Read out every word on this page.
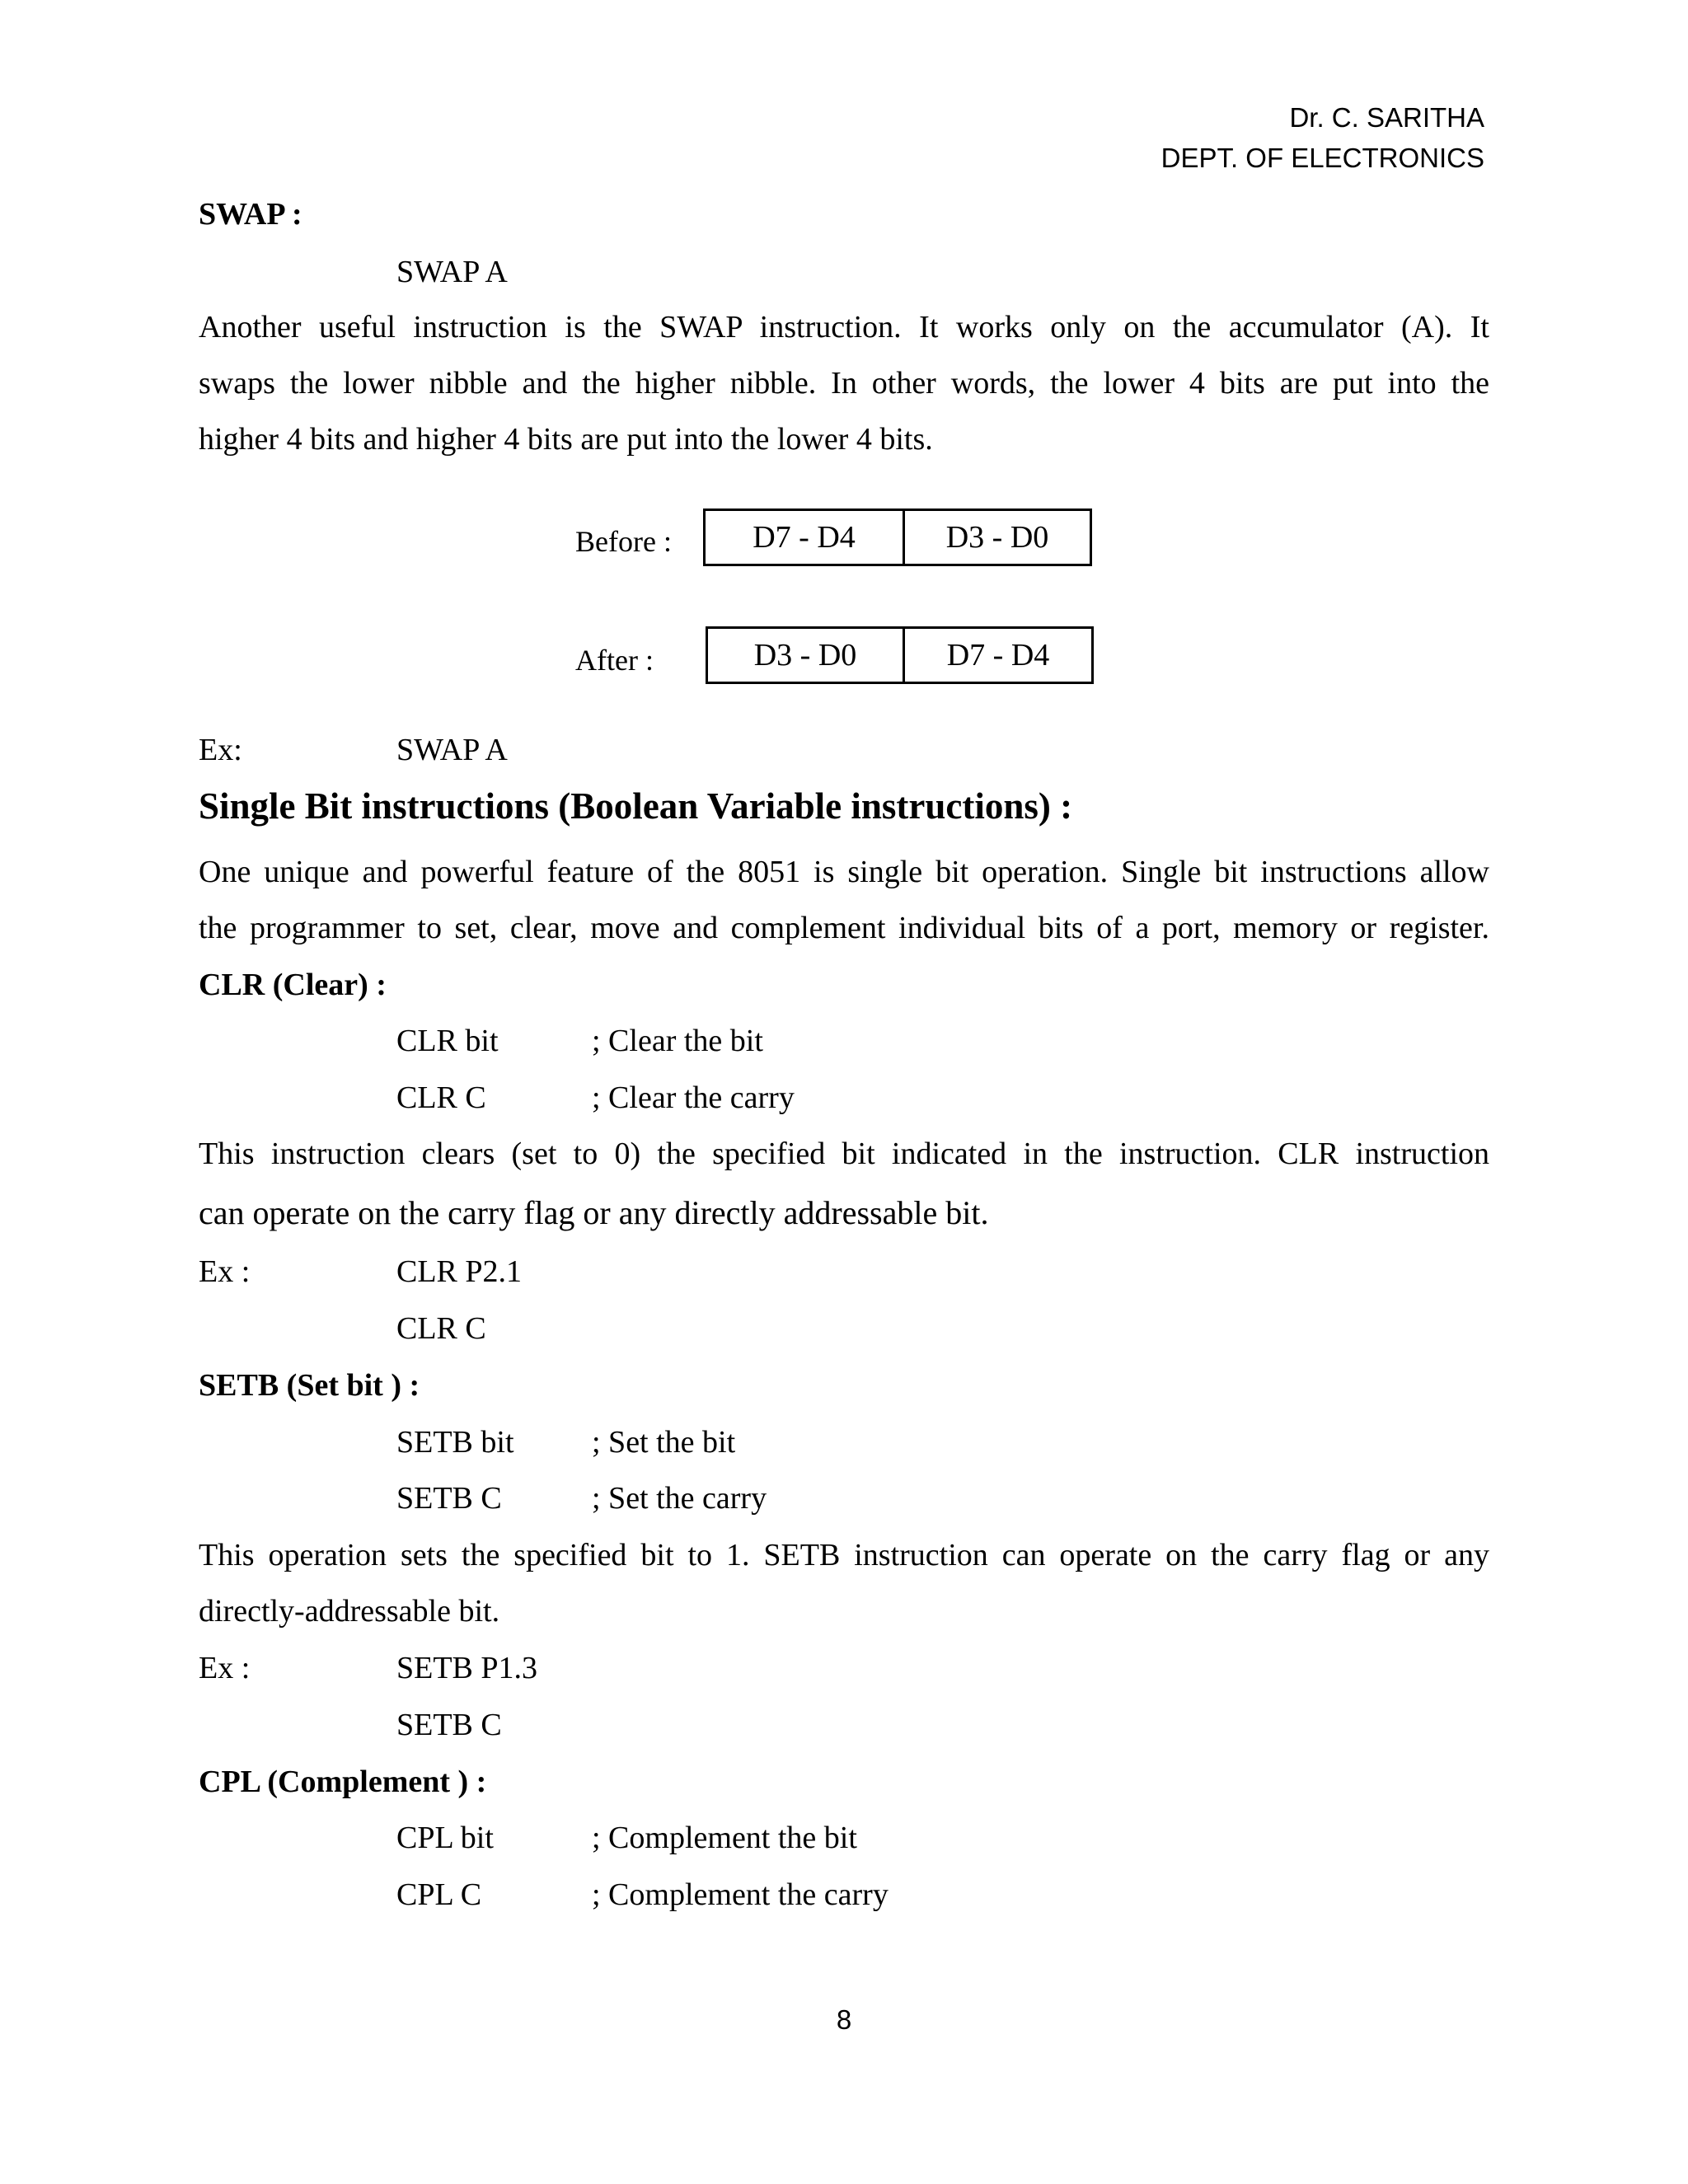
Dr. C. SARITHA
DEPT. OF ELECTRONICS
SWAP :
SWAP A
Another useful instruction is the SWAP instruction. It works only on the accumulator (A). It
swaps the lower nibble and the higher nibble. In other words, the lower 4 bits are put into the
higher 4 bits and higher 4 bits are put into the lower 4 bits.
Before :	D7 - D4	D3 - D0
After :	D3 - D0	D7 - D4
Ex:	SWAP A
Single Bit instructions (Boolean Variable instructions) :
One unique and powerful feature of the 8051 is single bit operation. Single bit instructions allow
the programmer to set, clear, move and complement individual bits of a port, memory or register.
CLR (Clear) :
CLR bit	; Clear the bit
CLR C	; Clear the carry
This instruction clears (set to 0) the specified bit indicated in the instruction. CLR instruction
can operate on the carry flag or any directly addressable bit.
Ex :	CLR P2.1
CLR C
SETB (Set bit ) :
SETB bit ; Set the bit
SETB C	; Set the carry
This operation sets the specified bit to 1. SETB instruction can operate on the carry flag or any
directly-addressable bit.
Ex :	SETB P1.3
SETB C
CPL (Complement ) :
CPL bit	; Complement the bit
CPL C	; Complement the carry
8
